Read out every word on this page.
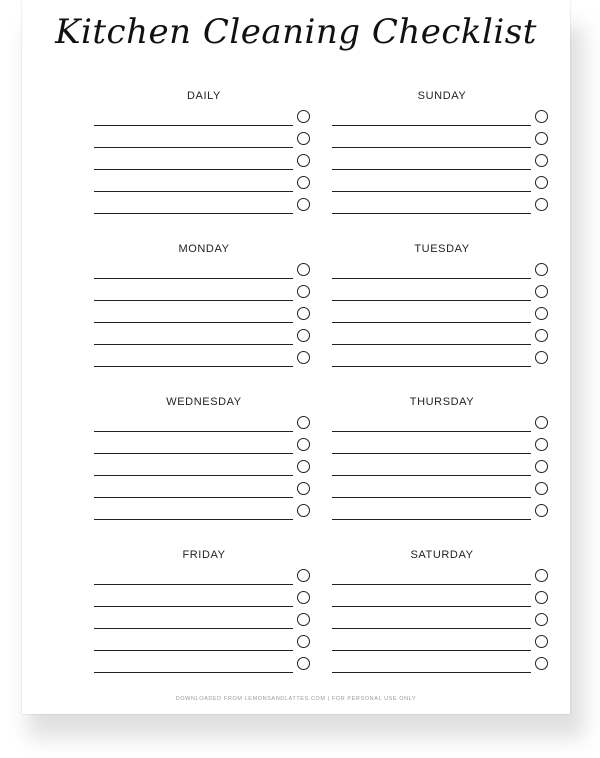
Kitchen Cleaning Checklist
DAILY	SUNDAY
MONDAY	TUESDAY
WEDNESDAY	THURSDAY
FRIDAY	SATURDAY
DOWNLOADED FROM LEMONSANDLATTES.COM | FOR PERSONAL USE ONLY
